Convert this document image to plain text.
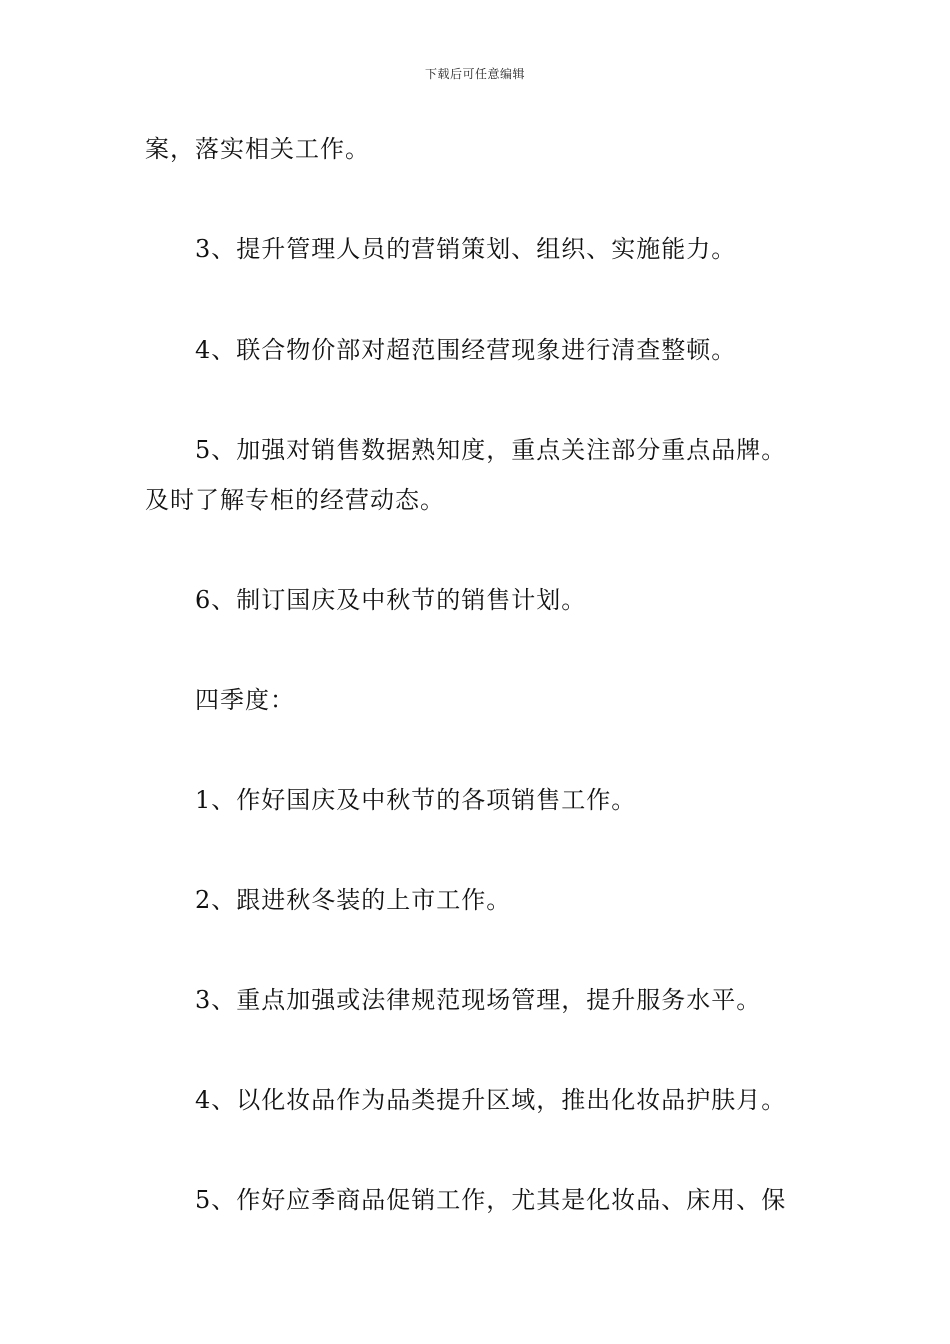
下载后可任意编辑
案，落实相关工作。
3、提升管理人员的营销策划、组织、实施能力。
4、联合物价部对超范围经营现象进行清查整顿。
5、加强对销售数据熟知度，重点关注部分重点品牌。
及时了解专柜的经营动态。
6、制订国庆及中秋节的销售计划。
四季度：
1、作好国庆及中秋节的各项销售工作。
2、跟进秋冬装的上市工作。
3、重点加强或法律规范现场管理，提升服务水平。
4、以化妆品作为品类提升区域，推出化妆品护肤月。
5、作好应季商品促销工作，尤其是化妆品、床用、保
